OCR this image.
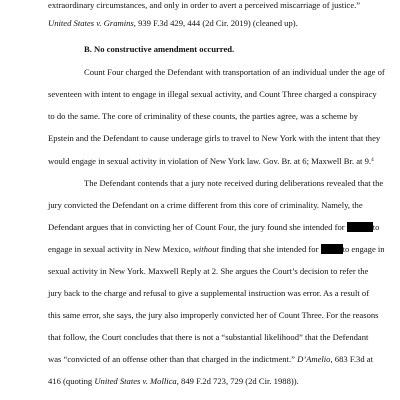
extraordinary circumstances, and only in order to avert a perceived miscarriage of justice.”

United States v. Gramins, 939 F.3d 429, 444 (2d Cir. 2019) (cleaned up).

B. No constructive amendment occurred.

Count Four charged the Defendant with transportation of an individual under the age of

seventeen with intent to engage in illegal sexual activity, and Count Three charged a conspiracy

to do the same. The core of criminality of these counts, the parties agree, was a scheme by

Epstein and the Defendant to cause underage girls to travel to New York with the intent that they

would engage in sexual activity in violation of New York law. Gov. Br. at 6; Maxwell Br. at 9.$^4$

The Defendant contends that a jury note received during deliberations revealed that the

jury convicted the Defendant on a crime different from this core of criminality. Namely, the

Defendant argues that in convicting her of Count Four, the jury found she intended for	to

engage in sexual activity in New Mexico, without finding that she intended for	to engage in

sexual activity in New York. Maxwell Reply at 2. She argues the Court’s decision to refer the

jury back to the charge and refusal to give a supplemental instruction was error. As a result of

this same error, she says, the jury also improperly convicted her of Count Three. For the reasons

that follow, the Court concludes that there is not a “substantial likelihood” that the Defendant

was “convicted of an offense other than that charged in the indictment.” D’Amelio, 683 F.3d at

416 (quoting United States v. Mollica, 849 F.2d 723, 729 (2d Cir. 1988)).
